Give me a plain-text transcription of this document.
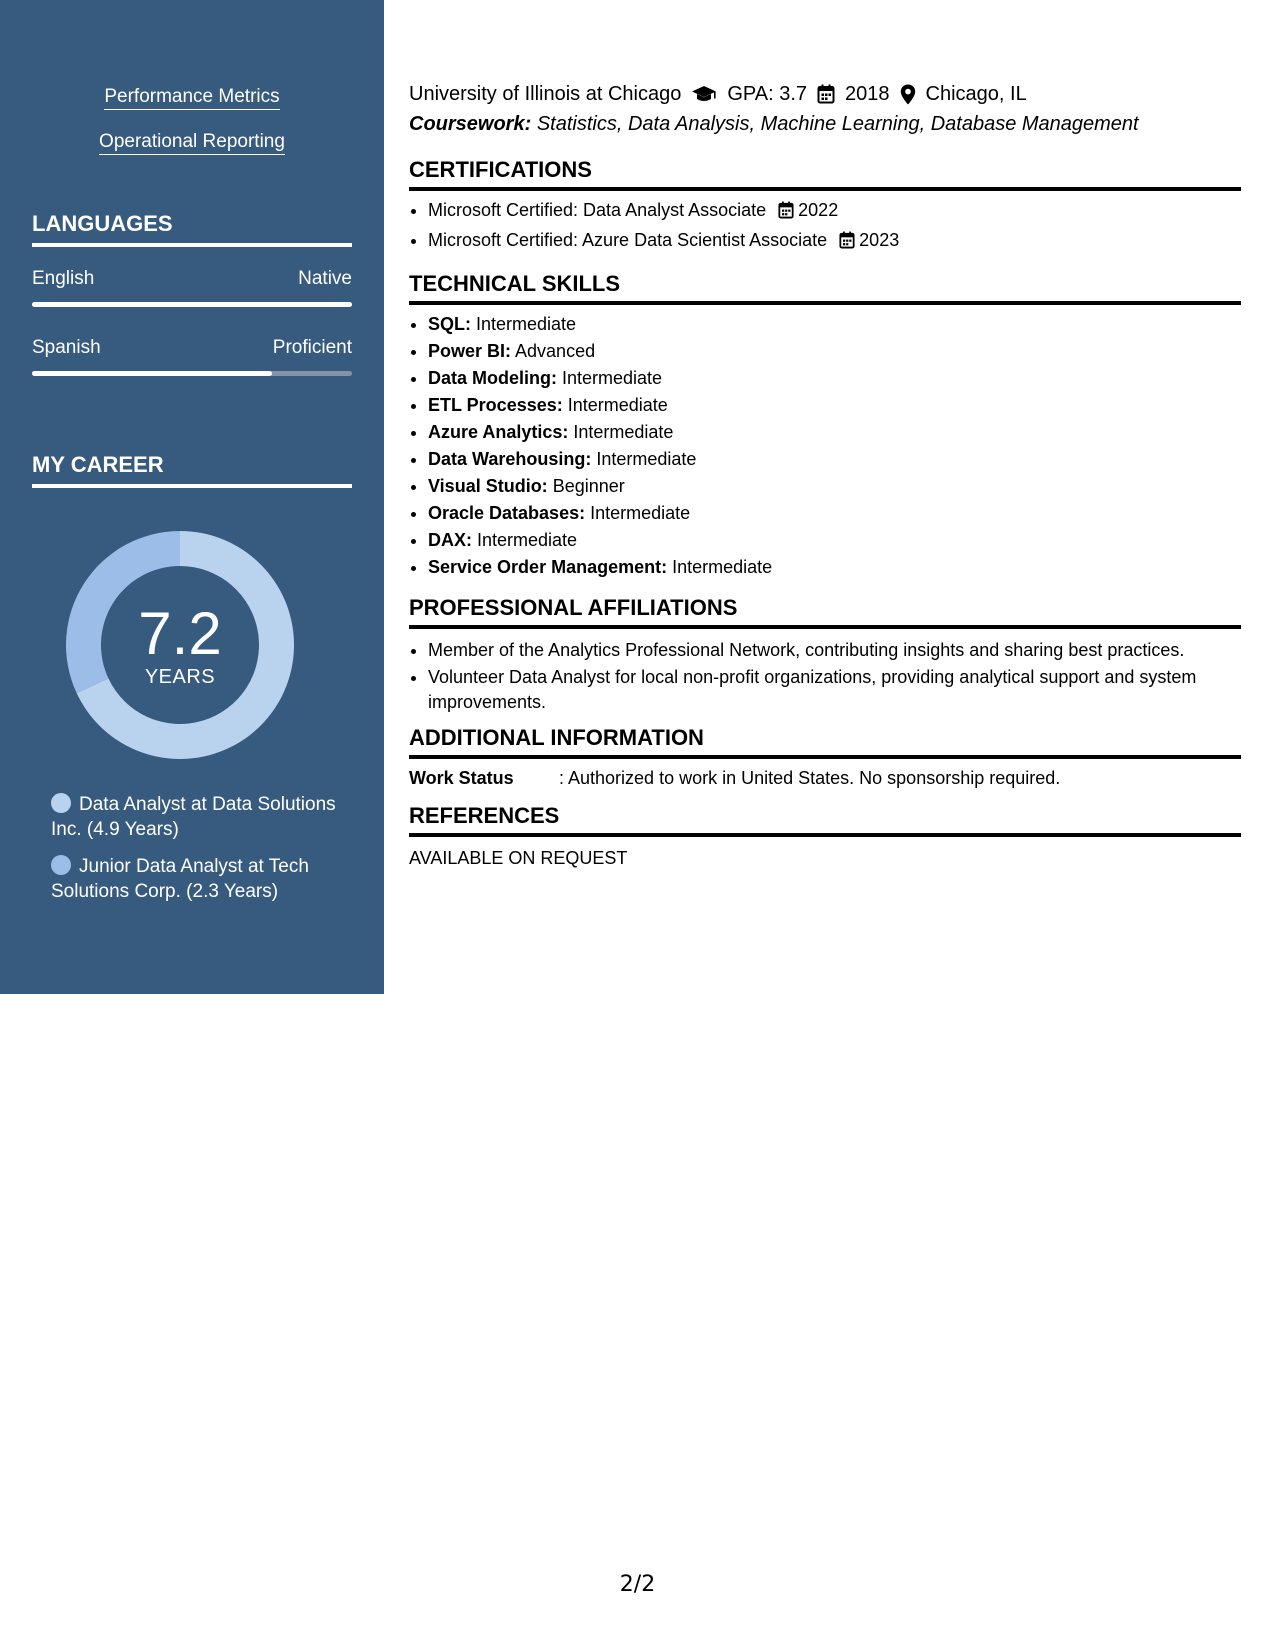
Performance Metrics
Operational Reporting
LANGUAGES
English	Native
Spanish	Proficient
MY CAREER
7.2
YEARS
Data Analyst at Data Solutions Inc. (4.9 Years)
Junior Data Analyst at Tech Solutions Corp. (2.3 Years)
University of Illinois at Chicago GPA: 3.7 2018 Chicago, IL
Coursework: Statistics, Data Analysis, Machine Learning, Database Management
CERTIFICATIONS
• Microsoft Certified: Data Analyst Associate 2022
• Microsoft Certified: Azure Data Scientist Associate 2023
TECHNICAL SKILLS
• SQL: Intermediate
• Power BI: Advanced
• Data Modeling: Intermediate
• ETL Processes: Intermediate
• Azure Analytics: Intermediate
• Data Warehousing: Intermediate
• Visual Studio: Beginner
• Oracle Databases: Intermediate
• DAX: Intermediate
• Service Order Management: Intermediate
PROFESSIONAL AFFILIATIONS
• Member of the Analytics Professional Network, contributing insights and sharing best practices.
• Volunteer Data Analyst for local non-profit organizations, providing analytical support and system improvements.
ADDITIONAL INFORMATION
Work Status	: Authorized to work in United States. No sponsorship required.
REFERENCES
AVAILABLE ON REQUEST
2/2
